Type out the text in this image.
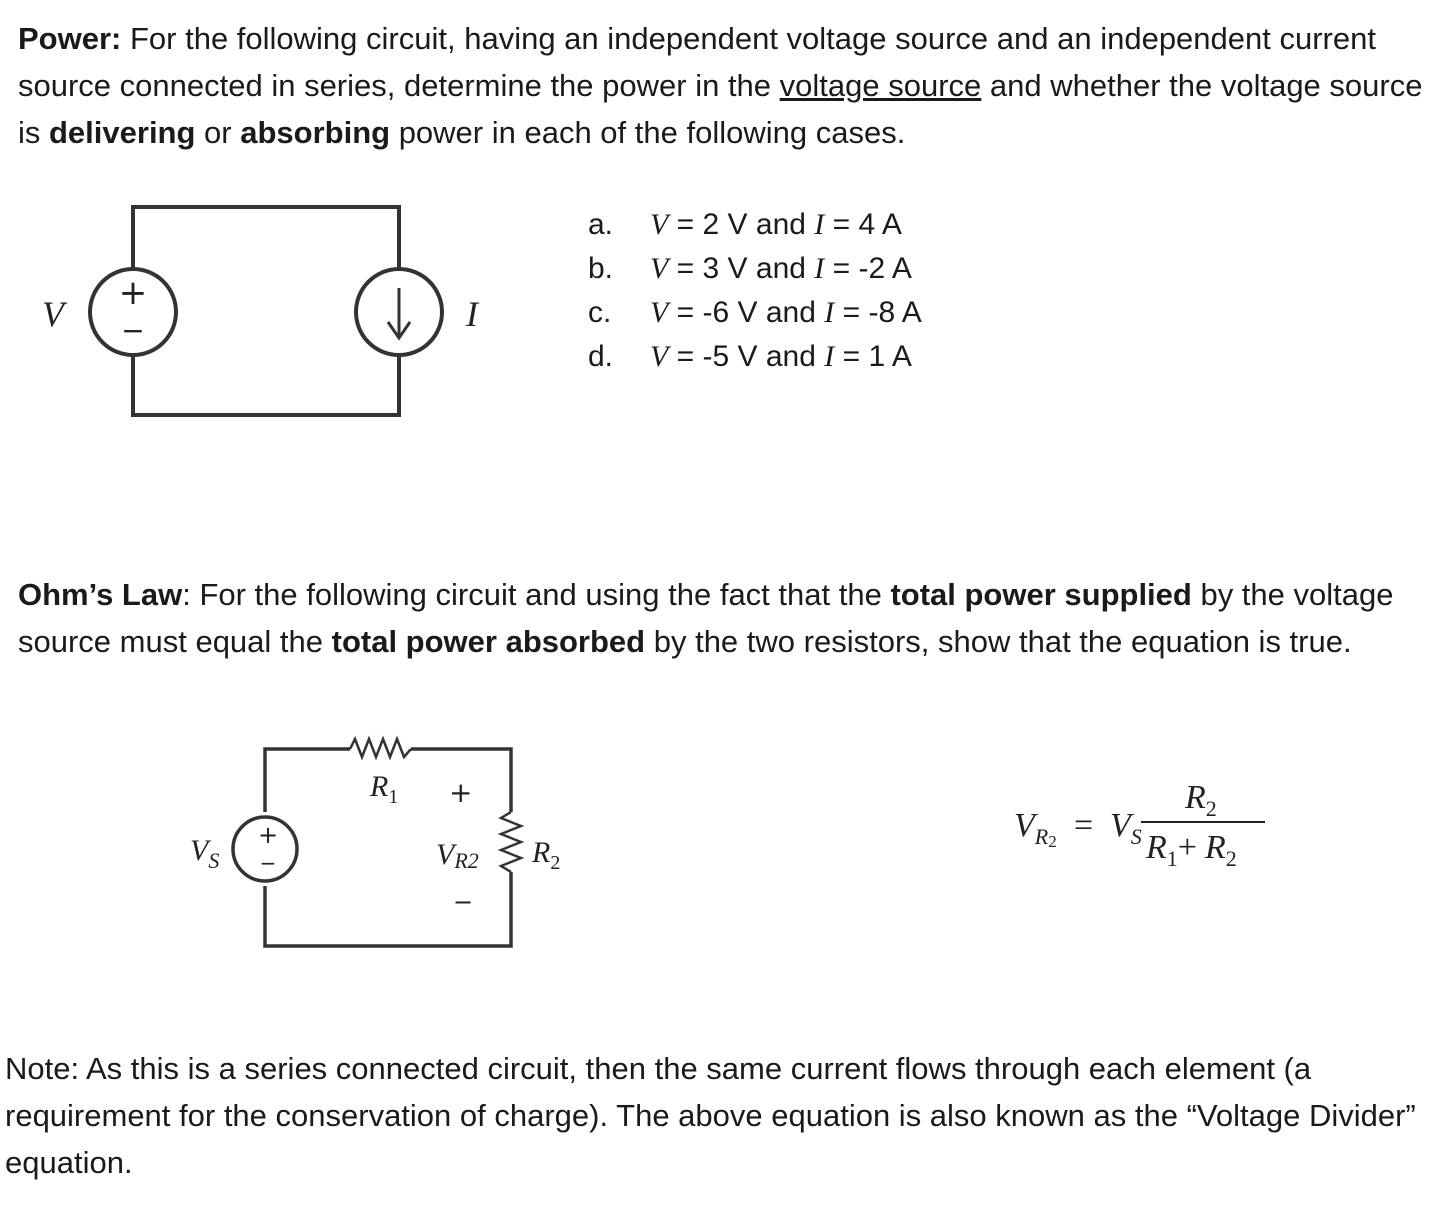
Power: For the following circuit, having an independent voltage source and an independent current source connected in series, determine the power in the voltage source and whether the voltage source is delivering or absorbing power in each of the following cases.
+
−
V	I
+
−
$V_S$
$R_1$ +
VR2
−
$R_2$
$V_R2 = V_S$
$R_2$
$R_1+ R_2$
a. V = 2 V and I = 4 A
b. V = 3 V and I = -2 A
c. V = -6 V and I = -8 A
d. V = -5 V and I = 1 A
Ohm’s Law: For the following circuit and using the fact that the total power supplied by the voltage source must equal the total power absorbed by the two resistors, show that the equation is true.
Note: As this is a series connected circuit, then the same current flows through each element (a requirement for the conservation of charge). The above equation is also known as the “Voltage Divider” equation.
